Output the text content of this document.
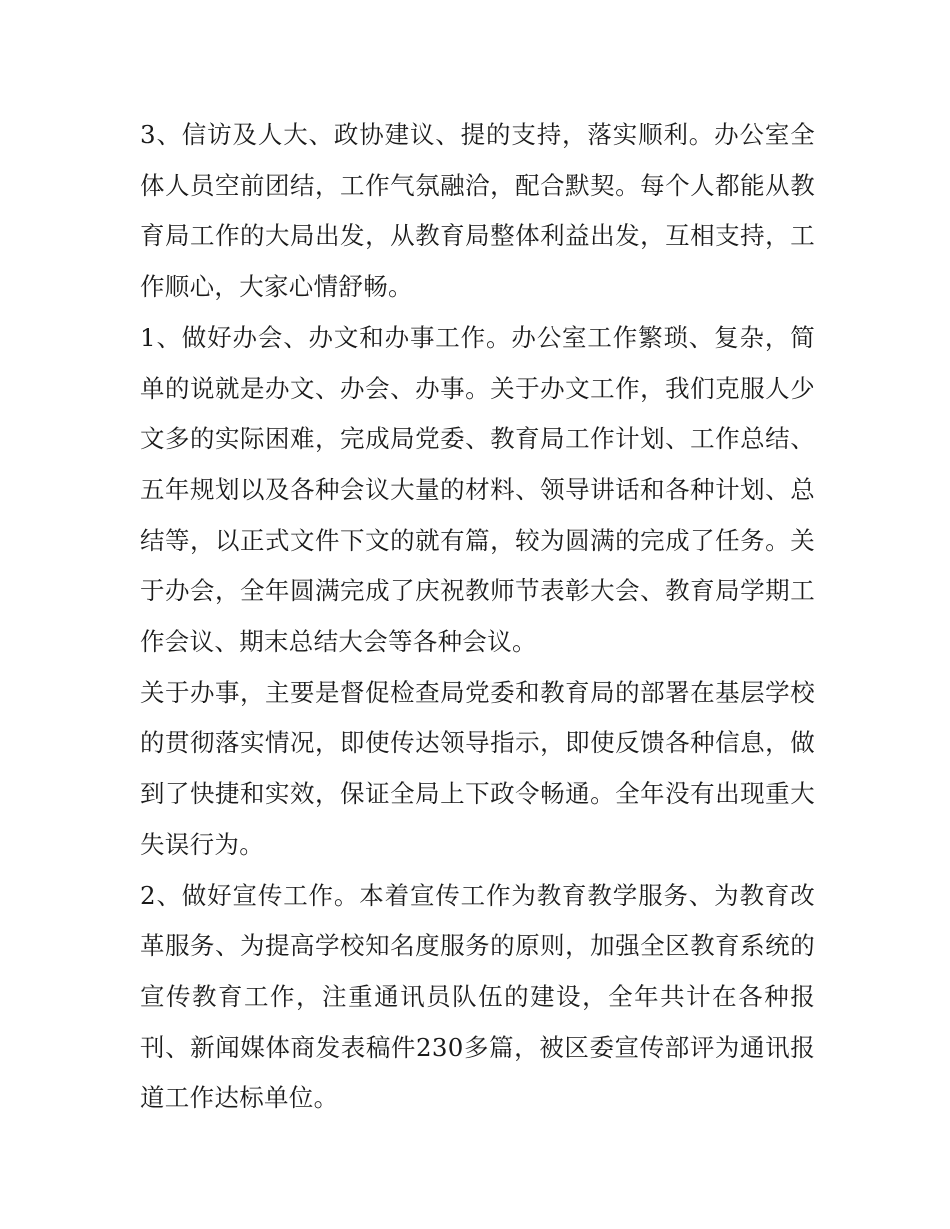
3、信访及人大、政协建议、提的支持，落实顺利。办公室全体人员空前团结，工作气氛融洽，配合默契。每个人都能从教育局工作的大局出发，从教育局整体利益出发，互相支持，工作顺心，大家心情舒畅。

1、做好办会、办文和办事工作。办公室工作繁琐、复杂，简单的说就是办文、办会、办事。关于办文工作，我们克服人少文多的实际困难，完成局党委、教育局工作计划、工作总结、五年规划以及各种会议大量的材料、领导讲话和各种计划、总结等，以正式文件下文的就有篇，较为圆满的完成了任务。关于办会，全年圆满完成了庆祝教师节表彰大会、教育局学期工作会议、期末总结大会等各种会议。

关于办事，主要是督促检查局党委和教育局的部署在基层学校的贯彻落实情况，即使传达领导指示，即使反馈各种信息，做到了快捷和实效，保证全局上下政令畅通。全年没有出现重大失误行为。

2、做好宣传工作。本着宣传工作为教育教学服务、为教育改革服务、为提高学校知名度服务的原则，加强全区教育系统的宣传教育工作，注重通讯员队伍的建设，全年共计在各种报刊、新闻媒体商发表稿件230多篇，被区委宣传部评为通讯报道工作达标单位。
